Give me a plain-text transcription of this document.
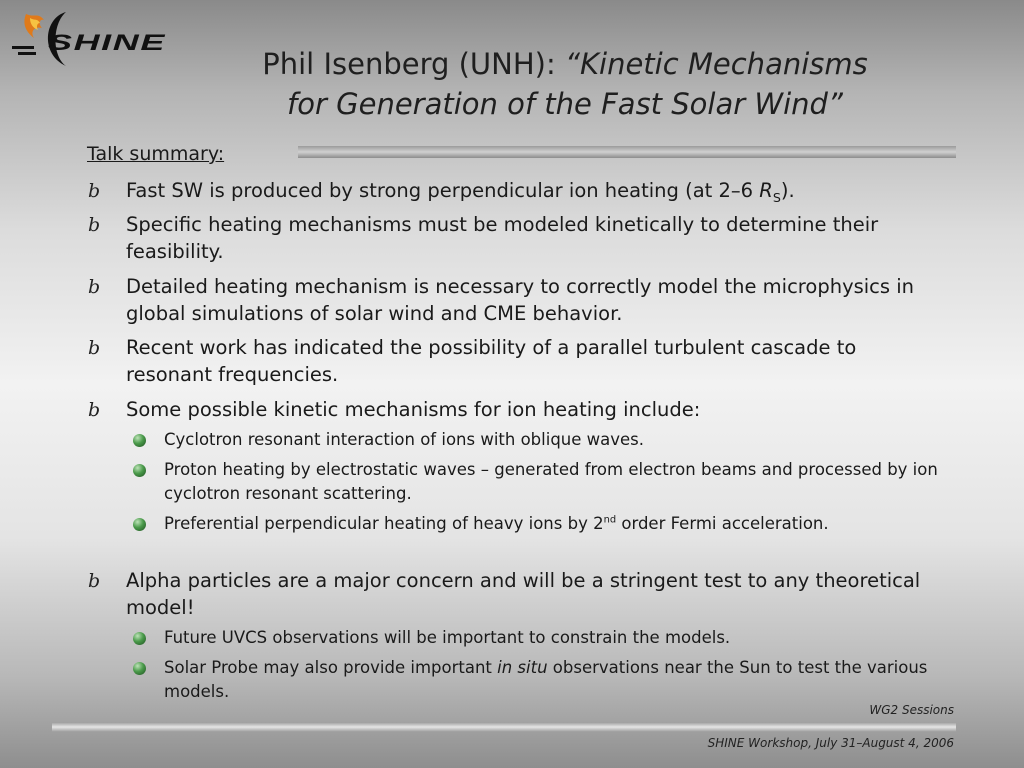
SHINE
Phil Isenberg (UNH): “Kinetic Mechanisms
for Generation of the Fast Solar Wind”
Talk summary:
b Fast SW is produced by strong perpendicular ion heating (at 2–6 $R_S$).
b Specific heating mechanisms must be modeled kinetically to determine their feasibility.
b Detailed heating mechanism is necessary to correctly model the microphysics in global simulations of solar wind and CME behavior.
b Recent work has indicated the possibility of a parallel turbulent cascade to resonant frequencies.
b Some possible kinetic mechanisms for ion heating include:
Cyclotron resonant interaction of ions with oblique waves.
Proton heating by electrostatic waves – generated from electron beams and processed by ion cyclotron resonant scattering.
Preferential perpendicular heating of heavy ions by 2nd order Fermi acceleration.
b Alpha particles are a major concern and will be a stringent test to any theoretical model!
Future UVCS observations will be important to constrain the models.
Solar Probe may also provide important in situ observations near the Sun to test the various models.
WG2 Sessions
SHINE Workshop, July 31–August 4, 2006
